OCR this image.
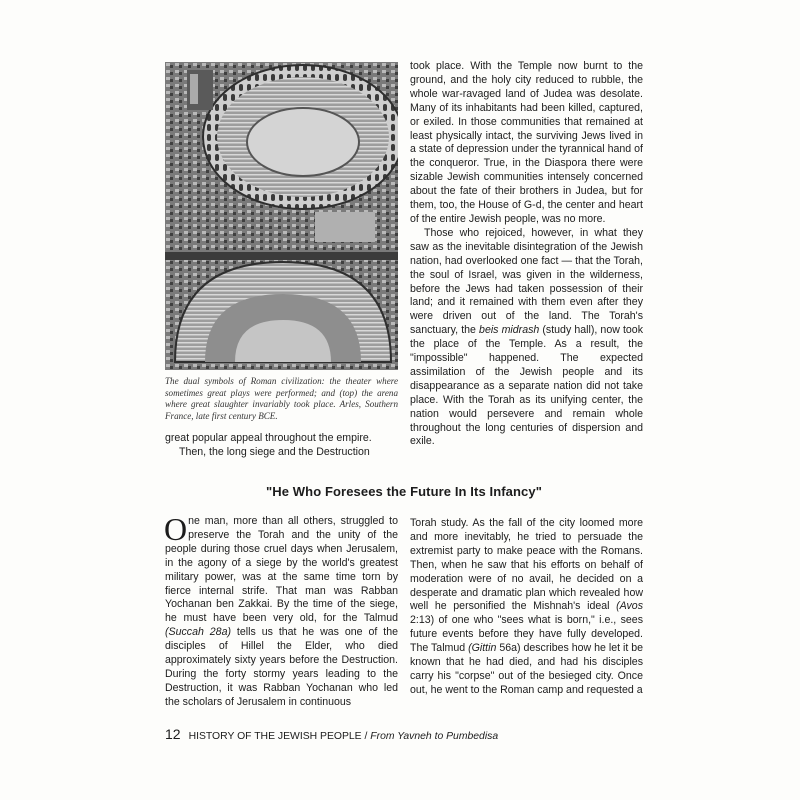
The dual symbols of Roman civilization: the theater where sometimes great plays were performed; and (top) the arena where great slaughter invariably took place. Arles, Southern France, late first century BCE.

great popular appeal throughout the empire.

Then, the long siege and the Destruction

took place. With the Temple now burnt to the ground, and the holy city reduced to rubble, the whole war-ravaged land of Judea was desolate. Many of its inhabitants had been killed, captured, or exiled. In those communities that remained at least physically intact, the surviving Jews lived in a state of depression under the tyrannical hand of the conqueror. True, in the Diaspora there were sizable Jewish communities intensely concerned about the fate of their brothers in Judea, but for them, too, the House of G-d, the center and heart of the entire Jewish people, was no more.

Those who rejoiced, however, in what they saw as the inevitable disintegration of the Jewish nation, had overlooked one fact — that the Torah, the soul of Israel, was given in the wilderness, before the Jews had taken possession of their land; and it remained with them even after they were driven out of the land. The Torah's sanctuary, the beis midrash (study hall), now took the place of the Temple. As a result, the "impossible" happened. The expected assimilation of the Jewish people and its disappearance as a separate nation did not take place. With the Torah as its unifying center, the nation would persevere and remain whole throughout the long centuries of dispersion and exile.

"He Who Foresees the Future In Its Infancy"

One man, more than all others, struggled to preserve the Torah and the unity of the people during those cruel days when Jerusalem, in the agony of a siege by the world's greatest military power, was at the same time torn by fierce internal strife. That man was Rabban Yochanan ben Zakkai. By the time of the siege, he must have been very old, for the Talmud (Succah 28a) tells us that he was one of the disciples of Hillel the Elder, who died approximately sixty years before the Destruction. During the forty stormy years leading to the Destruction, it was Rabban Yochanan who led the scholars of Jerusalem in continuous

Torah study. As the fall of the city loomed more and more inevitably, he tried to persuade the extremist party to make peace with the Romans. Then, when he saw that his efforts on behalf of moderation were of no avail, he decided on a desperate and dramatic plan which revealed how well he personified the Mishnah's ideal (Avos 2:13) of one who "sees what is born," i.e., sees future events before they have fully developed. The Talmud (Gittin 56a) describes how he let it be known that he had died, and had his disciples carry his "corpse" out of the besieged city. Once out, he went to the Roman camp and requested a

12 HISTORY OF THE JEWISH PEOPLE / From Yavneh to Pumbedisa
